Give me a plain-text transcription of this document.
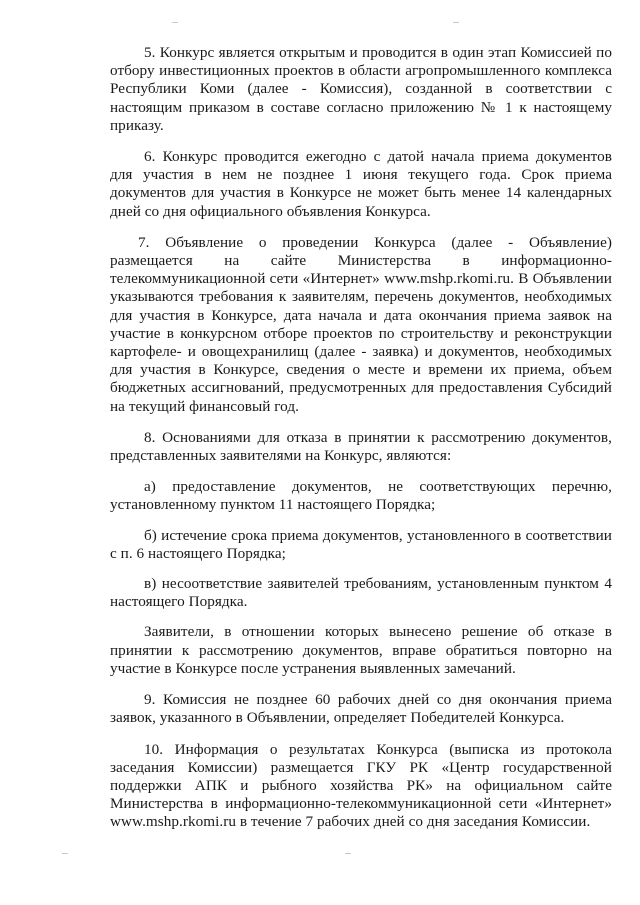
5. Конкурс является открытым и проводится в один этап Комиссией по отбору инвестиционных проектов в области агропромышленного комплекса Республики Коми (далее - Комиссия), созданной в соответствии с настоящим приказом в составе согласно приложению № 1 к настоящему приказу.

6. Конкурс проводится ежегодно с датой начала приема документов для участия в нем не позднее 1 июня текущего года. Срок приема документов для участия в Конкурсе не может быть менее 14 календарных дней со дня официального объявления Конкурса.

7. Объявление о проведении Конкурса (далее - Объявление) размещается на сайте Министерства в информационно-телекоммуникационной сети «Интернет» www.mshp.rkomi.ru. В Объявлении указываются требования к заявителям, перечень документов, необходимых для участия в Конкурсе, дата начала и дата окончания приема заявок на участие в конкурсном отборе проектов по строительству и реконструкции картофеле- и овощехранилищ (далее - заявка) и документов, необходимых для участия в Конкурсе, сведения о месте и времени их приема, объем бюджетных ассигнований, предусмотренных для предоставления Субсидий на текущий финансовый год.

8. Основаниями для отказа в принятии к рассмотрению документов, представленных заявителями на Конкурс, являются:

а) предоставление документов, не соответствующих перечню, установленному пунктом 11 настоящего Порядка;

б) истечение срока приема документов, установленного в соответствии с п. 6 настоящего Порядка;

в) несоответствие заявителей требованиям, установленным пунктом 4 настоящего Порядка.

Заявители, в отношении которых вынесено решение об отказе в принятии к рассмотрению документов, вправе обратиться повторно на участие в Конкурсе после устранения выявленных замечаний.

9. Комиссия не позднее 60 рабочих дней со дня окончания приема заявок, указанного в Объявлении, определяет Победителей Конкурса.

10. Информация о результатах Конкурса (выписка из протокола заседания Комиссии) размещается ГКУ РК «Центр государственной поддержки АПК и рыбного хозяйства РК» на официальном сайте Министерства в информационно-телекоммуникационной сети «Интернет» www.mshp.rkomi.ru в течение 7 рабочих дней со дня заседания Комиссии.
